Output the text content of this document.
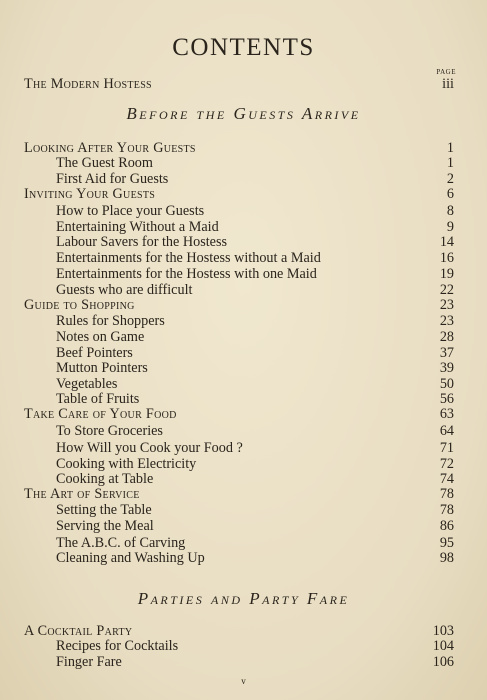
CONTENTS
PAGE
The Modern Hostess	iii
Before the Guests Arrive
Looking After Your Guests	1
The Guest Room	1
First Aid for Guests	2
Inviting Your Guests	6
How to Place your Guests	8
Entertaining Without a Maid	9
Labour Savers for the Hostess	14
Entertainments for the Hostess without a Maid	16
Entertainments for the Hostess with one Maid	19
Guests who are difficult	22
Guide to Shopping	23
Rules for Shoppers	23
Notes on Game	28
Beef Pointers	37
Mutton Pointers	39
Vegetables	50
Table of Fruits	56
Take Care of Your Food	63
To Store Groceries	64
How Will you Cook your Food ?	71
Cooking with Electricity	72
Cooking at Table	74
The Art of Service	78
Setting the Table	78
Serving the Meal	86
The A.B.C. of Carving	95
Cleaning and Washing Up	98
Parties and Party Fare
A Cocktail Party	103
Recipes for Cocktails	104
Finger Fare	106
v
